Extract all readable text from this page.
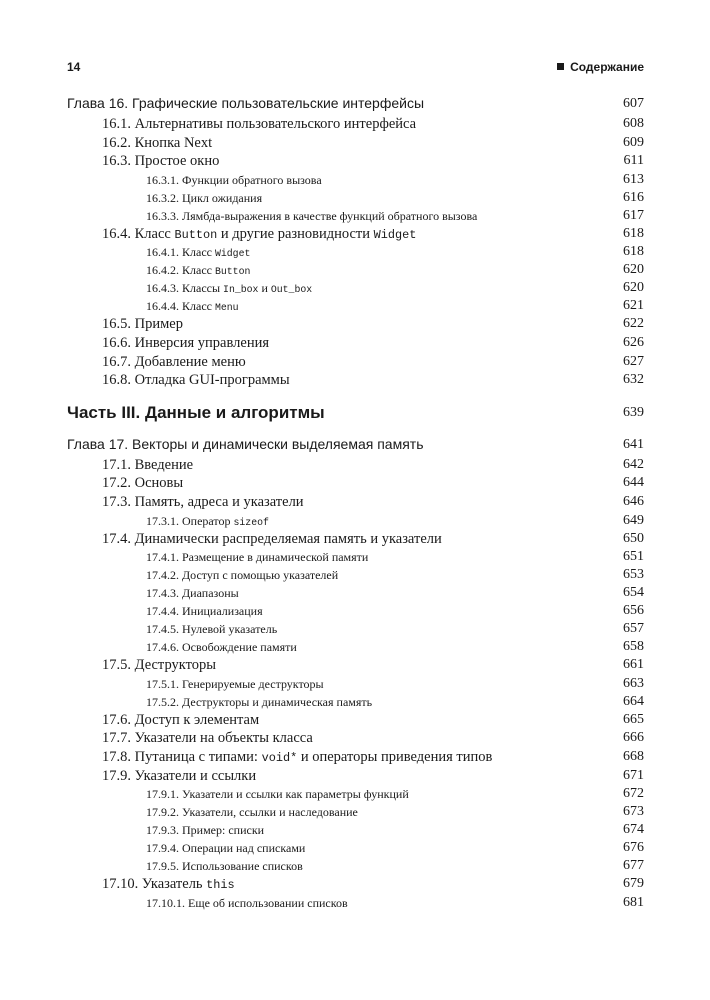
14	Содержание
Глава 16. Графические пользовательские интерфейсы	607
16.1. Альтернативы пользовательского интерфейса	608
16.2. Кнопка Next	609
16.3. Простое окно	611
16.3.1. Функции обратного вызова	613
16.3.2. Цикл ожидания	616
16.3.3. Лямбда-выражения в качестве функций обратного вызова	617
16.4. Класс Button и другие разновидности Widget	618
16.4.1. Класс Widget	618
16.4.2. Класс Button	620
16.4.3. Классы In_box и Out_box	620
16.4.4. Класс Menu	621
16.5. Пример	622
16.6. Инверсия управления	626
16.7. Добавление меню	627
16.8. Отладка GUI-программы	632
Часть III. Данные и алгоритмы	639
Глава 17. Векторы и динамически выделяемая память	641
17.1. Введение	642
17.2. Основы	644
17.3. Память, адреса и указатели	646
17.3.1. Оператор sizeof	649
17.4. Динамически распределяемая память и указатели	650
17.4.1. Размещение в динамической памяти	651
17.4.2. Доступ с помощью указателей	653
17.4.3. Диапазоны	654
17.4.4. Инициализация	656
17.4.5. Нулевой указатель	657
17.4.6. Освобождение памяти	658
17.5. Деструкторы	661
17.5.1. Генерируемые деструкторы	663
17.5.2. Деструкторы и динамическая память	664
17.6. Доступ к элементам	665
17.7. Указатели на объекты класса	666
17.8. Путаница с типами: void* и операторы приведения типов	668
17.9. Указатели и ссылки	671
17.9.1. Указатели и ссылки как параметры функций	672
17.9.2. Указатели, ссылки и наследование	673
17.9.3. Пример: списки	674
17.9.4. Операции над списками	676
17.9.5. Использование списков	677
17.10. Указатель this	679
17.10.1. Еще об использовании списков	681
